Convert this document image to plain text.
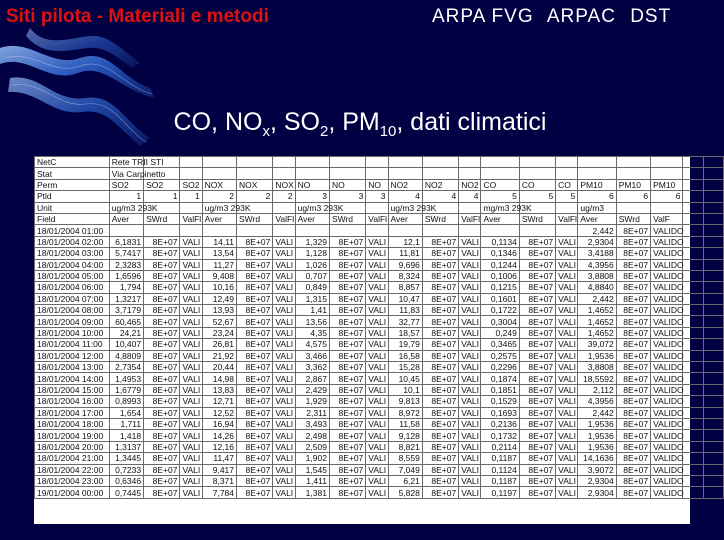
Siti pilota - Materiali e metodi	ARPA FVG ARPAC DST
CO, $NO_x$, $SO_2$, $PM_{10}$, dati climatici
NetC	Rete TRII STI																			
Stat	Via Carpinetto																			
Perm	SO2	SO2	SO2	NOX	NOX	NOX	NO	NO	NO	NO2	NO2	NO2	CO	CO	CO	PM10	PM10	PM10		
Ptld	1	1	1	2	2	2	3	3	3	4	4	4	5	5	5	6	6	6		
Unit	ug/m3 293K			ug/m3 293K			ug/m3 293K			ug/m3 293K			mg/m3 293K			ug/m3				
Field	Aver	SWrd	ValFl	Aver	SWrd	ValFl	Aver	SWrd	ValFl	Aver	SWrd	ValFl	Aver	SWrd	ValFl	Aver	SWrd	ValF		
18/01/2004 01:00																2,442	8E+07	VALIDO		
18/01/2004 02:00	6,1831	8E+07	VALI	14,11	8E+07	VALI	1,329	8E+07	VALI	12,1	8E+07	VALI	0,1134	8E+07	VALI	2,9304	8E+07	VALIDO		
18/01/2004 03:00	5,7417	8E+07	VALI	13,54	8E+07	VALI	1,128	8E+07	VALI	11,81	8E+07	VALI	0,1346	8E+07	VALI	3,4188	8E+07	VALIDO		
18/01/2004 04:00	2,3283	8E+07	VALI	11,27	8E+07	VALI	1,026	8E+07	VALI	9,696	8E+07	VALI	0,1244	8E+07	VALI	4,3956	8E+07	VALIDO		
18/01/2004 05:00	1,6596	8E+07	VALI	9,408	8E+07	VALI	0,707	8E+07	VALI	8,324	8E+07	VALI	0,1006	8E+07	VALI	3,8808	8E+07	VALIDO		
18/01/2004 06:00	1,794	8E+07	VALI	10,16	8E+07	VALI	0,849	8E+07	VALI	8,857	8E+07	VALI	0,1215	8E+07	VALI	4,8840	8E+07	VALIDO		
18/01/2004 07:00	1,3217	8E+07	VALI	12,49	8E+07	VALI	1,315	8E+07	VALI	10,47	8E+07	VALI	0,1601	8E+07	VALI	2,442	8E+07	VALIDO		
18/01/2004 08:00	3,7179	8E+07	VALI	13,93	8E+07	VALI	1,41	8E+07	VALI	11,83	8E+07	VALI	0,1722	8E+07	VALI	1,4652	8E+07	VALIDO		
18/01/2004 09:00	60,465	8E+07	VALI	52,67	8E+07	VALI	13,56	8E+07	VALI	32,77	8E+07	VALI	0,3004	8E+07	VALI	1,4652	8E+07	VALIDO		
18/01/2004 10:00	24,21	8E+07	VALI	23,24	8E+07	VALI	4,35	8E+07	VALI	18,57	8E+07	VALI	0,249	8E+07	VALI	1,4652	8E+07	VALIDO		
18/01/2004 11:00	10,407	8E+07	VALI	26,81	8E+07	VALI	4,575	8E+07	VALI	19,79	8E+07	VALI	0,3465	8E+07	VALI	39,072	8E+07	VALIDO		
18/01/2004 12:00	4,8809	8E+07	VALI	21,92	8E+07	VALI	3,466	8E+07	VALI	16,58	8E+07	VALI	0,2575	8E+07	VALI	1,9536	8E+07	VALIDO		
18/01/2004 13:00	2,7354	8E+07	VALI	20,44	8E+07	VALI	3,362	8E+07	VALI	15,28	8E+07	VALI	0,2296	8E+07	VALI	3,8808	8E+07	VALIDO		
18/01/2004 14:00	1,4953	8E+07	VALI	14,98	8E+07	VALI	2,867	8E+07	VALI	10,45	8E+07	VALI	0,1874	8E+07	VALI	18,5592	8E+07	VALIDO		
18/01/2004 15:00	1,6779	8E+07	VALI	13,83	8E+07	VALI	2,429	8E+07	VALI	10,1	8E+07	VALI	0,1851	8E+07	VALI	2,112	8E+07	VALIDO		
18/01/2004 16:00	0,8993	8E+07	VALI	12,71	8E+07	VALI	1,929	8E+07	VALI	9,813	8E+07	VALI	0,1529	8E+07	VALI	4,3956	8E+07	VALIDO		
18/01/2004 17:00	1,654	8E+07	VALI	12,52	8E+07	VALI	2,311	8E+07	VALI	8,972	8E+07	VALI	0,1693	8E+07	VALI	2,442	8E+07	VALIDO		
18/01/2004 18:00	1,711	8E+07	VALI	16,94	8E+07	VALI	3,493	8E+07	VALI	11,58	8E+07	VALI	0,2136	8E+07	VALI	1,9536	8E+07	VALIDO		
18/01/2004 19:00	1,418	8E+07	VALI	14,26	8E+07	VALI	2,498	8E+07	VALI	9,128	8E+07	VALI	0,1732	8E+07	VALI	1,9536	8E+07	VALIDO		
18/01/2004 20:00	1,3137	8E+07	VALI	12,16	8E+07	VALI	2,509	8E+07	VALI	8,821	8E+07	VALI	0,2114	8E+07	VALI	1,9536	8E+07	VALIDO		
18/01/2004 21:00	1,3445	8E+07	VALI	11,47	8E+07	VALI	1,902	8E+07	VALI	8,559	8E+07	VALI	0,1187	8E+07	VALI	14,1636	8E+07	VALIDO		
18/01/2004 22:00	0,7233	8E+07	VALI	9,417	8E+07	VALI	1,545	8E+07	VALI	7,049	8E+07	VALI	0,1124	8E+07	VALI	3,9072	8E+07	VALIDO		
18/01/2004 23:00	0,6346	8E+07	VALI	8,371	8E+07	VALI	1,411	8E+07	VALI	6,21	8E+07	VALI	0,1187	8E+07	VALI	2,9304	8E+07	VALIDO		
19/01/2004 00:00	0,7445	8E+07	VALI	7,784	8E+07	VALI	1,381	8E+07	VALI	5,828	8E+07	VALI	0,1197	8E+07	VALI	2,9304	8E+07	VALIDO		
